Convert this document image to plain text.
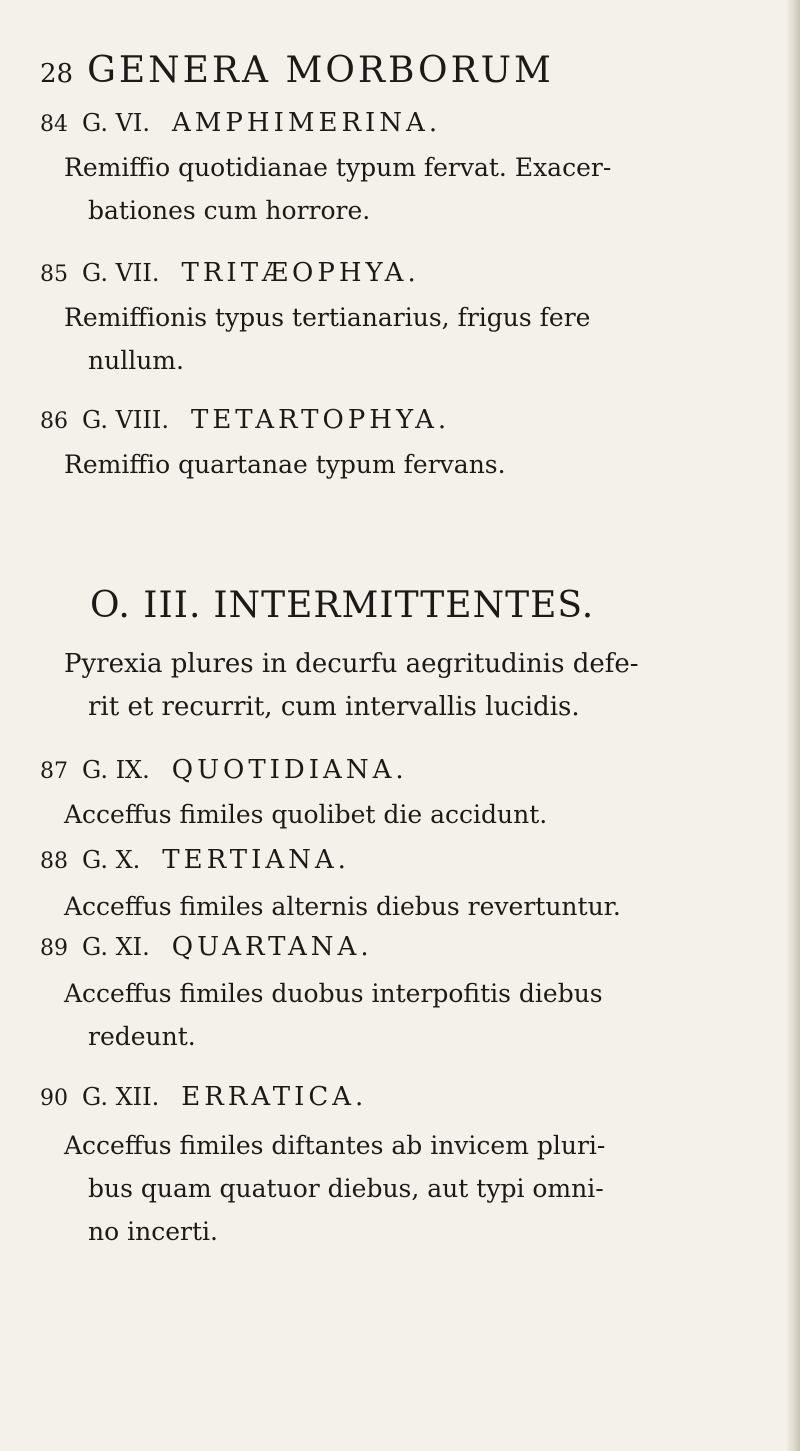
28 GENERA MORBORUM
84 G. VI. AMPHIMERINA.
Remiffio quotidianae typum fervat. Exacer-
bationes cum horrore.
85 G. VII. TRITÆOPHYA.
Remiffionis typus tertianarius, frigus fere
nullum.
86 G. VIII. TETARTOPHYA.
Remiffio quartanae typum fervans.
O. III. INTERMITTENTES.
Pyrexia plures in decurfu aegritudinis defe-
rit et recurrit, cum intervallis lucidis.
87 G. IX. QUOTIDIANA.
Acceffus fimiles quolibet die accidunt.
88 G. X. TERTIANA.
Acceffus fimiles alternis diebus revertuntur.
89 G. XI. QUARTANA.
Acceffus fimiles duobus interpofitis diebus
redeunt.
90 G. XII. ERRATICA.
Acceffus fimiles diftantes ab invicem pluri-
bus quam quatuor diebus, aut typi omni-
no incerti.
